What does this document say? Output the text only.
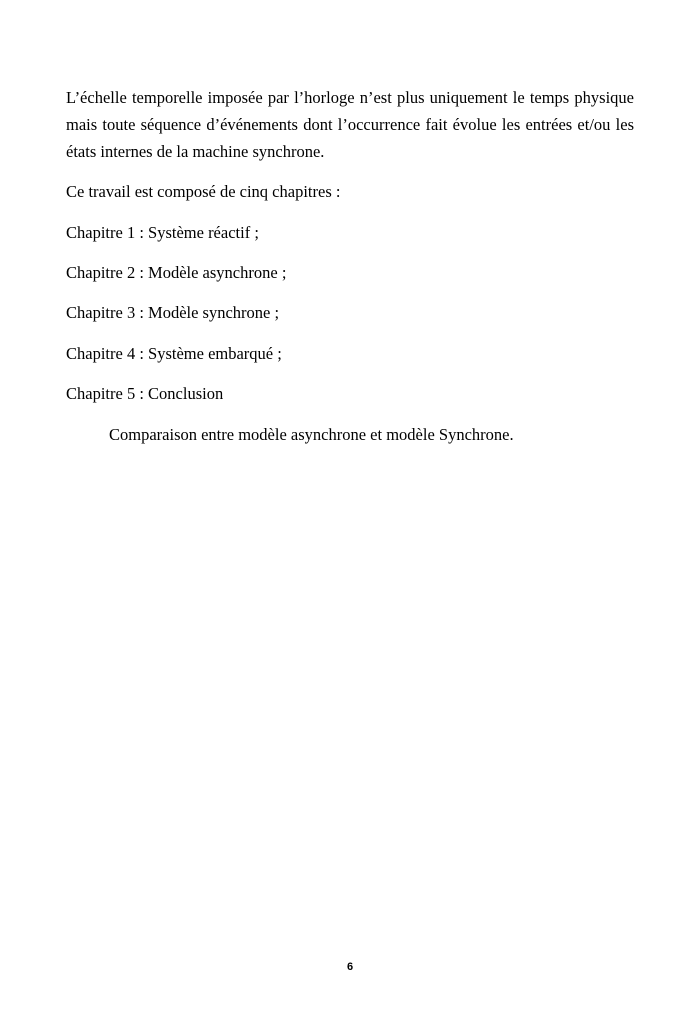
L’échelle temporelle imposée par l’horloge n’est plus uniquement le temps physique mais toute séquence d’événements dont l’occurrence fait évolue les entrées et/ou les états internes de la machine synchrone.

Ce travail est composé de cinq chapitres :

Chapitre 1 : Système réactif ;

Chapitre 2 : Modèle asynchrone ;

Chapitre 3 : Modèle synchrone ;

Chapitre 4 : Système embarqué ;

Chapitre 5 : Conclusion

Comparaison entre modèle asynchrone et modèle Synchrone.

6
